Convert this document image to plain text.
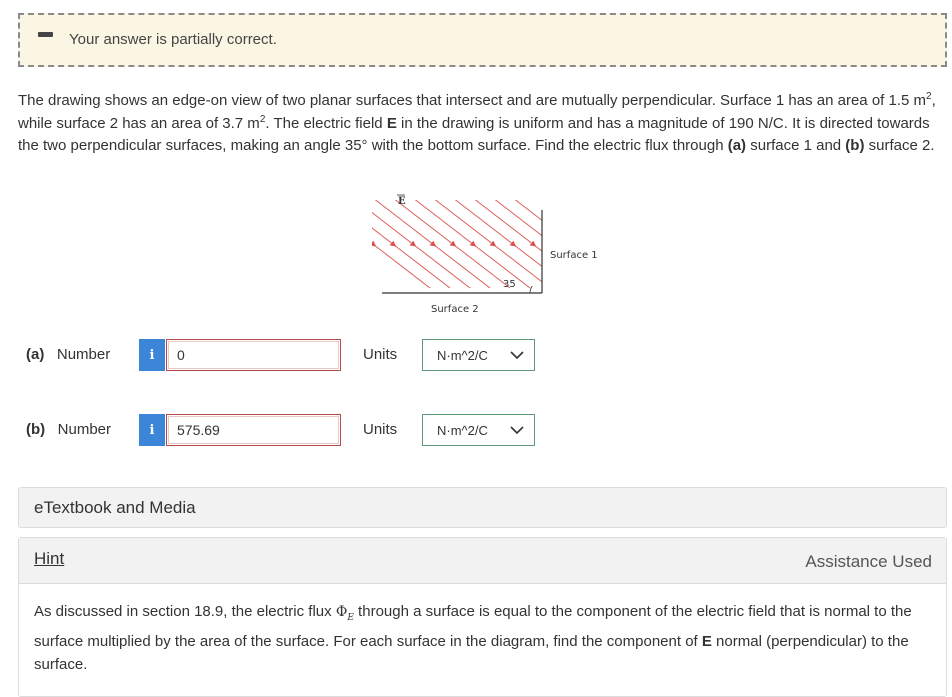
Your answer is partially correct.
The drawing shows an edge-on view of two planar surfaces that intersect and are mutually perpendicular. Surface 1 has an area of 1.5 $m^2$, while surface 2 has an area of 3.7 $m^2$. The electric field E in the drawing is uniform and has a magnitude of 190 N/C. It is directed towards the two perpendicular surfaces, making an angle 35° with the bottom surface. Find the electric flux through (a) surface 1 and (b) surface 2.
35
E
Surface 1
Surface 2
(a) Number	i
0	Units	N·m^2/C
(b) Number	i
575.69	Units	N·m^2/C
eTextbook and Media
Hint	Assistance Used
As discussed in section 18.9, the electric flux $\Phi_E$ through a surface is equal to the component of the electric field that is normal to the surface multiplied by the area of the surface. For each surface in the diagram, find the component of E normal (perpendicular) to the surface.
